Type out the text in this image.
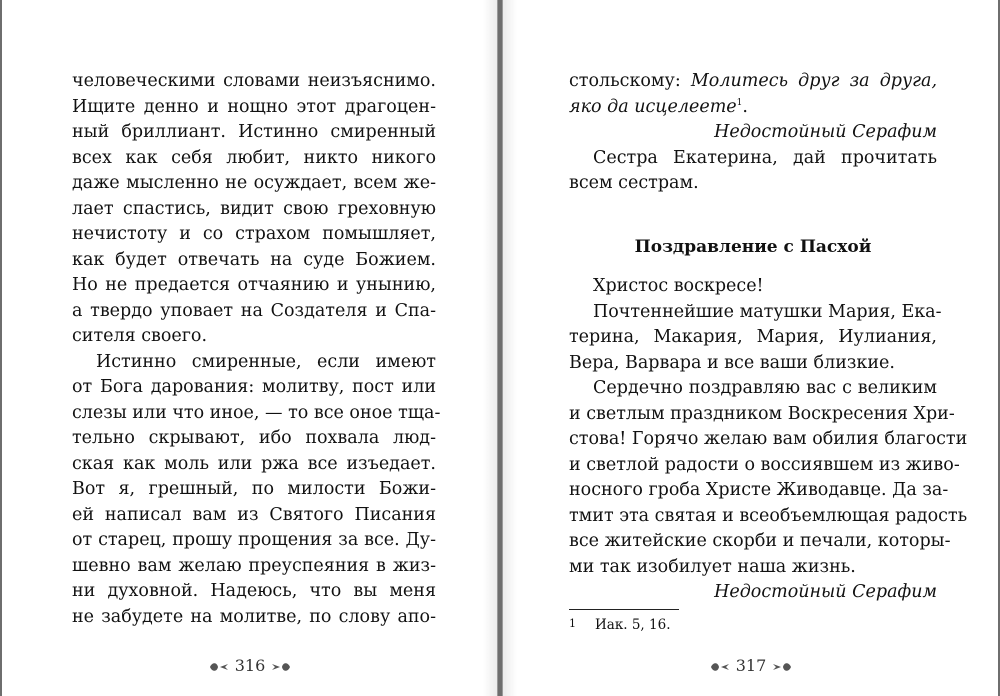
человеческими словами неизъяснимо.
Ищите денно и нощно этот драгоцен-
ный бриллиант. Истинно смиренный
всех как себя любит, никто никого
даже мысленно не осуждает, всем же-
лает спастись, видит свою греховную
нечистоту и со страхом помышляет,
как будет отвечать на суде Божием.
Но не предается отчаянию и унынию,
а твердо уповает на Создателя и Спа-
сителя своего.

Истинно смиренные, если имеют
от Бога дарования: молитву, пост или
слезы или что иное, — то все оное тща-
тельно скрывают, ибо похвала люд-
ская как моль или ржа все изъедает.
Вот я, грешный, по милости Божи-
ей написал вам из Святого Писания
от старец, прошу прощения за все. Ду-
шевно вам желаю преуспеяния в жиз-
ни духовной. Надеюсь, что вы меня
не забудете на молитве, по слову апо-

316

стольскому: Молитесь друг за друга,
яко да исцелеете$^1$.

Недостойный Серафим

Сестра Екатерина, дай прочитать
всем сестрам.

Поздравление с Пасхой

Христос воскресе!

Почтеннейшие матушки Мария, Ека-
терина, Макария, Мария, Иулиания,
Вера, Варвара и все ваши близкие.

Сердечно поздравляю вас с великим
и светлым праздником Воскресения Хри-
стова! Горячо желаю вам обилия благости
и светлой радости о воссиявшем из живо-
носного гроба Христе Живодавце. Да за-
тмит эта святая и всеобъемлющая радость
все житейские скорби и печали, которы-
ми так изобилует наша жизнь.

Недостойный Серафим

1 Иак. 5, 16.
317
